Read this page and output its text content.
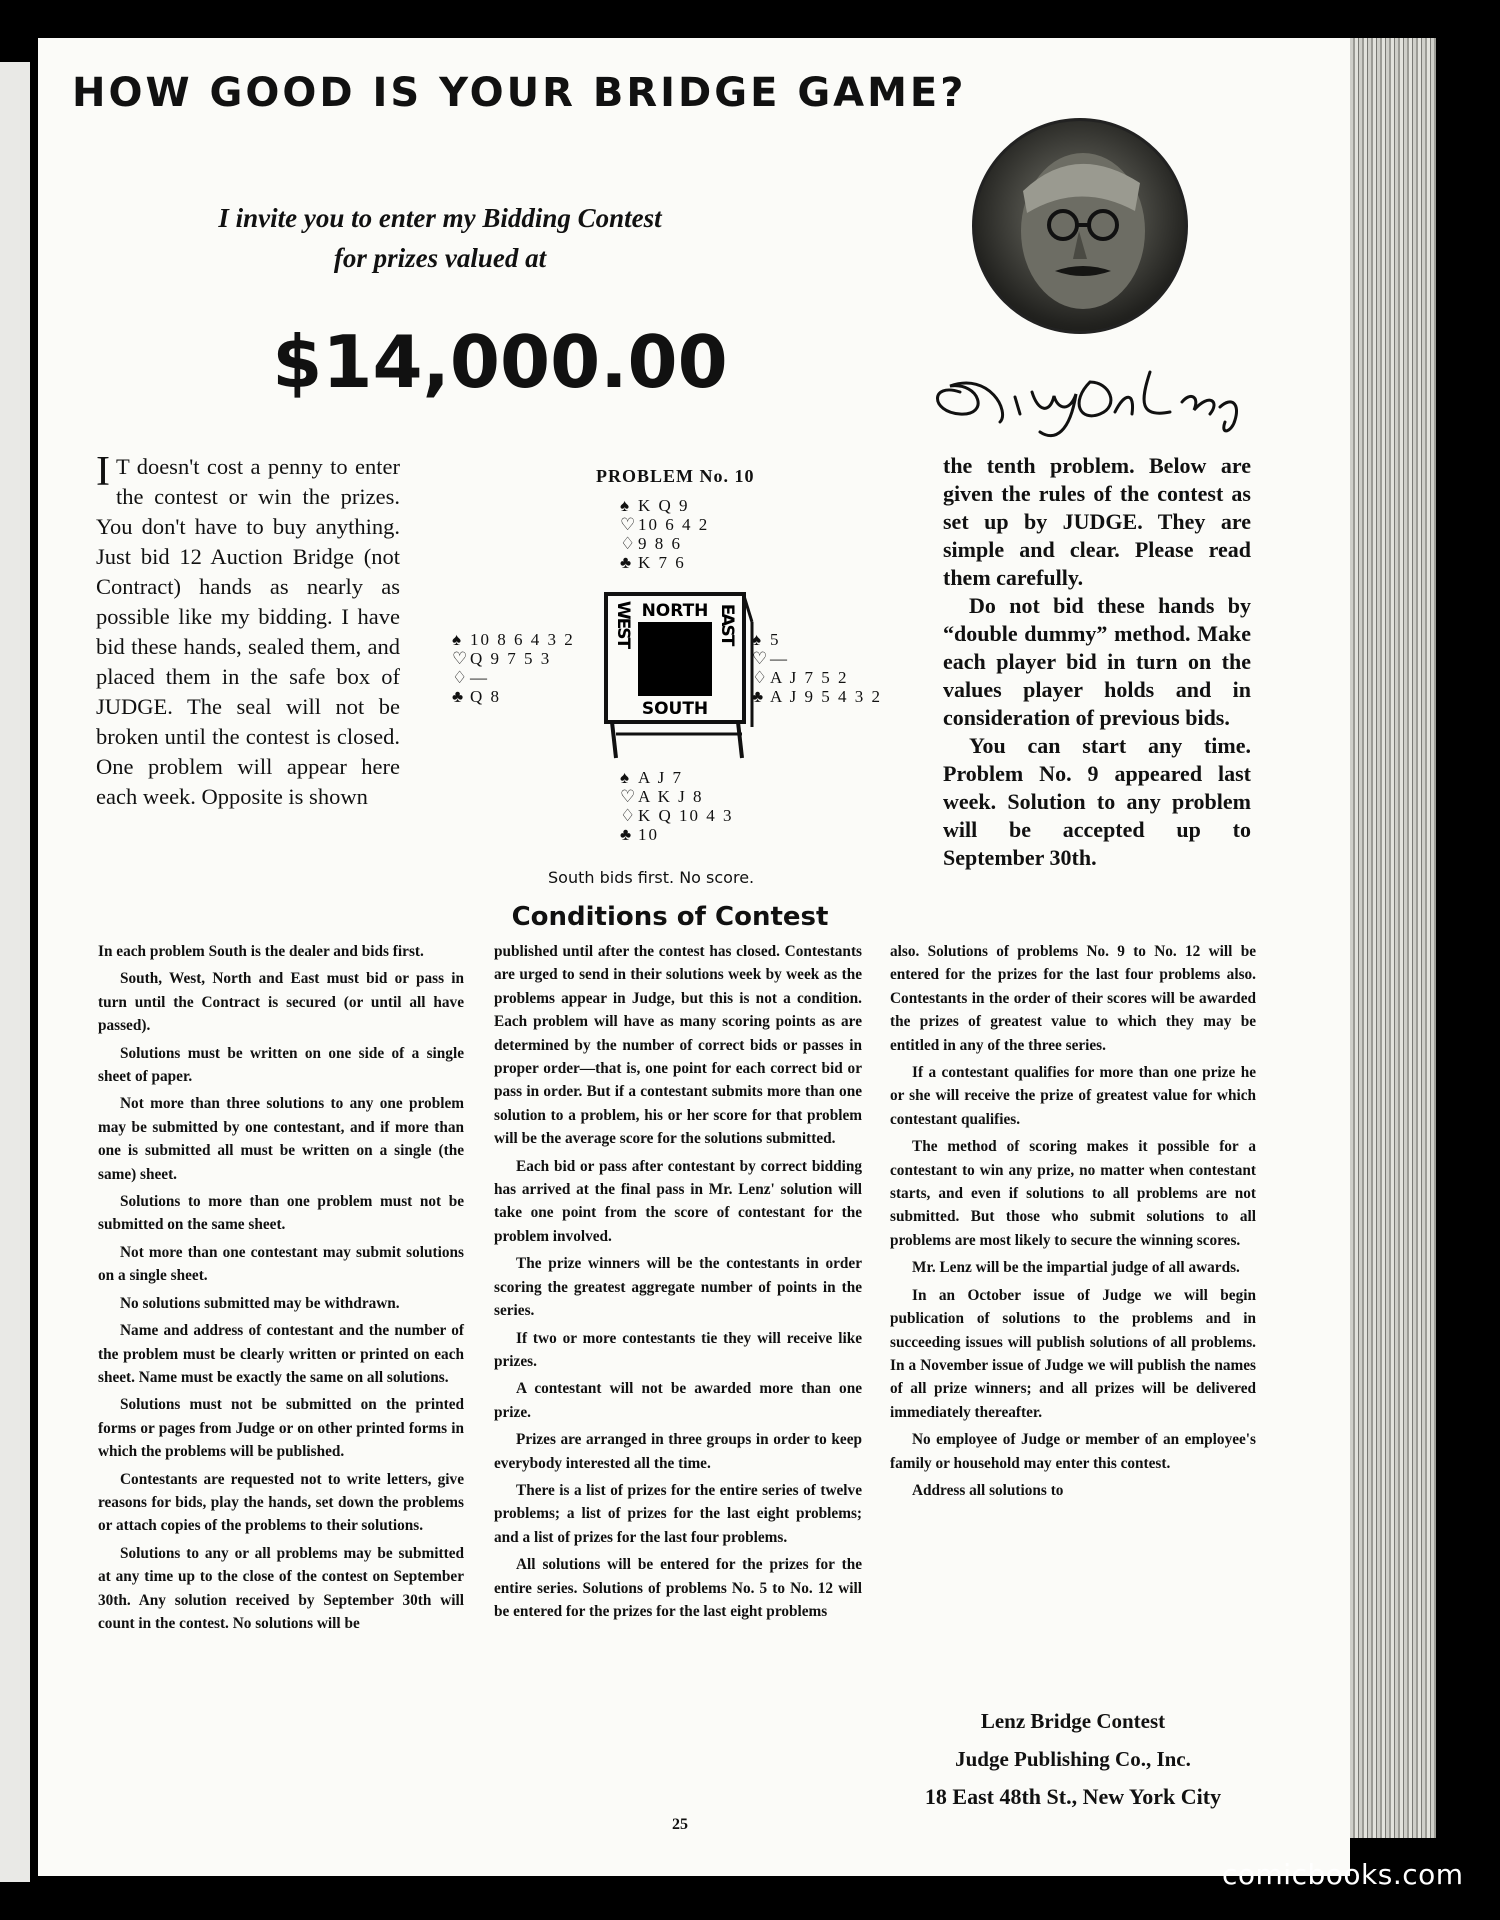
HOW GOOD IS YOUR BRIDGE GAME?
I invite you to enter my Bidding Contest
for prizes valued at
$14,000.00

I T doesn't cost a penny to enter the contest or win the prizes. You don't have to buy anything. Just bid 12 Auction Bridge (not Contract) hands as nearly as possible like my bidding. I have bid these hands, sealed them, and placed them in the safe box of JUDGE. The seal will not be broken until the contest is closed. One problem will appear here each week. Opposite is shown

the tenth problem. Below are given the rules of the contest as set up by JUDGE. They are simple and clear. Please read them carefully.

Do not bid these hands by “double dummy” method. Make each player bid in turn on the values player holds and in consideration of previous bids.

You can start any time. Problem No. 9 appeared last week. Solution to any problem will be accepted up to September 30th.

PROBLEM No. 10
♠ K Q 9
♡ 10 6 4 2
♢ 9 8 6
♣ K 7 6
♠ 10 8 6 4 3 2
♡ Q 9 7 5 3
♢ —
♣ Q 8
NORTH
SOUTH
WEST	EAST ♠ 5
♡ —
♢ A J 7 5 2
♣ A J 9 5 4 3 2
♠ A J 7
♡ A K J 8
♢ K Q 10 4 3
♣ 10
South bids first. No score.
Conditions of Contest

In each problem South is the dealer and bids first.

South, West, North and East must bid or pass in turn until the Contract is secured (or until all have passed).

Solutions must be written on one side of a single sheet of paper.

Not more than three solutions to any one problem may be submitted by one contestant, and if more than one is submitted all must be written on a single (the same) sheet.

Solutions to more than one problem must not be submitted on the same sheet.

Not more than one contestant may submit solutions on a single sheet.

No solutions submitted may be withdrawn.

Name and address of contestant and the number of the problem must be clearly written or printed on each sheet. Name must be exactly the same on all solutions.

Solutions must not be submitted on the printed forms or pages from Judge or on other printed forms in which the problems will be published.

Contestants are requested not to write letters, give reasons for bids, play the hands, set down the problems or attach copies of the problems to their solutions.

Solutions to any or all problems may be submitted at any time up to the close of the contest on September 30th. Any solution received by September 30th will count in the contest. No solutions will be

published until after the contest has closed. Contestants are urged to send in their solutions week by week as the problems appear in Judge, but this is not a condition. Each problem will have as many scoring points as are determined by the number of correct bids or passes in proper order—that is, one point for each correct bid or pass in order. But if a contestant submits more than one solution to a problem, his or her score for that problem will be the average score for the solutions submitted.

Each bid or pass after contestant by correct bidding has arrived at the final pass in Mr. Lenz' solution will take one point from the score of contestant for the problem involved.

The prize winners will be the contestants in order scoring the greatest aggregate number of points in the series.

If two or more contestants tie they will receive like prizes.

A contestant will not be awarded more than one prize.

Prizes are arranged in three groups in order to keep everybody interested all the time.

There is a list of prizes for the entire series of twelve problems; a list of prizes for the last eight problems; and a list of prizes for the last four problems.

All solutions will be entered for the prizes for the entire series. Solutions of problems No. 5 to No. 12 will be entered for the prizes for the last eight problems

also. Solutions of problems No. 9 to No. 12 will be entered for the prizes for the last four problems also. Contestants in the order of their scores will be awarded the prizes of greatest value to which they may be entitled in any of the three series.

If a contestant qualifies for more than one prize he or she will receive the prize of greatest value for which contestant qualifies.

The method of scoring makes it possible for a contestant to win any prize, no matter when contestant starts, and even if solutions to all problems are not submitted. But those who submit solutions to all problems are most likely to secure the winning scores.

Mr. Lenz will be the impartial judge of all awards.

In an October issue of Judge we will begin publication of solutions to the problems and in succeeding issues will publish solutions of all problems. In a November issue of Judge we will publish the names of all prize winners; and all prizes will be delivered immediately thereafter.

No employee of Judge or member of an employee's family or household may enter this contest.

Address all solutions to

Lenz Bridge Contest
Judge Publishing Co., Inc.
18 East 48th St., New York City
25
comicbooks.com
